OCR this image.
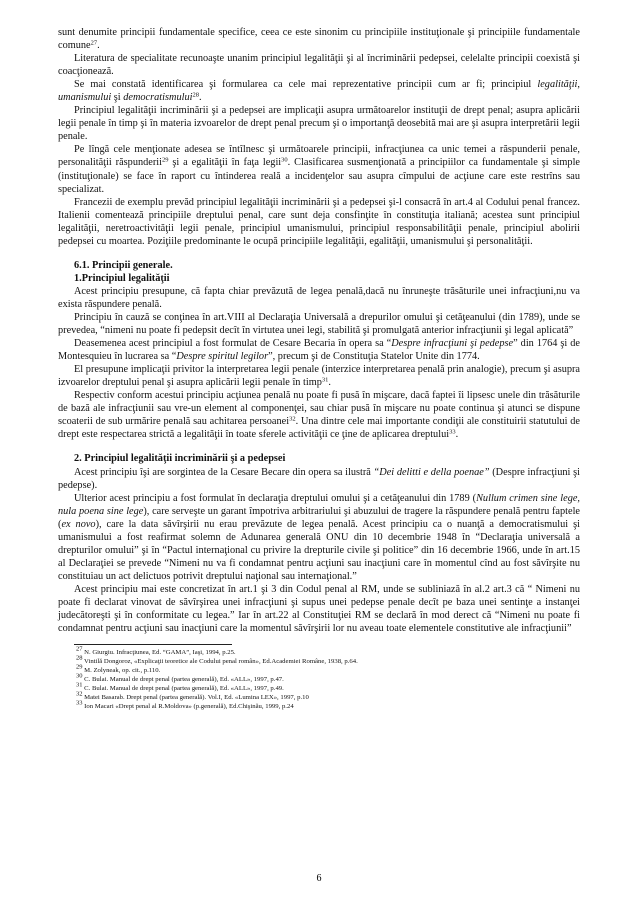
sunt denumite principii fundamentale specifice, ceea ce este sinonim cu principiile instituţionale şi principiile fundamentale comune$^{27}$.

Literatura de specialitate recunoaşte unanim principiul legalităţii şi al încriminării pedepsei, celelalte principii coexistă şi coacţionează.

Se mai constată identificarea şi formularea ca cele mai reprezentative principii cum ar fi; principiul legalităţii, umanismului şi democratismului$^{28}$.

Principiul legalităţii incriminării şi a pedepsei are implicaţii asupra următoarelor instituţii de drept penal; asupra aplicării legii penale în timp şi în materia izvoarelor de drept penal precum şi o importanţă deosebită mai are şi asupra interpretării legii penale.

Pe lîngă cele menţionate adesea se întîlnesc şi următoarele principii, infracţiunea ca unic temei a răspunderii penale, personalităţii răspunderii$^{29}$ şi a egalităţii în faţa legii$^{30}$. Clasificarea susmenţionată a principiilor ca fundamentale şi simple (instituţionale) se face în raport cu întinderea reală a incidenţelor sau asupra cîmpului de acţiune care este restrîns sau specializat.

Francezii de exemplu prevăd principiul legalităţii incriminării şi a pedepsei şi-l consacră în art.4 al Codului penal francez. Italienii comentează principiile dreptului penal, care sunt deja consfinţite în constituţia italiană; acestea sunt principiul legalităţii, neretroactivităţii legii penale, principiul umanismului, principiul responsabilităţii penale, principiul abolirii pedepsei cu moartea. Poziţiile predominante le ocupă principiile legalităţii, egalităţii, umanismului şi personalităţii.

6.1. Principii generale.

1.Principiul legalităţii

Acest principiu presupune, că fapta chiar prevăzută de legea penală,dacă nu înruneşte trăsăturile unei infracţiuni,nu va exista răspundere penală.

Principiu în cauză se conţinea în art.VIII al Declaraţia Universală a drepurilor omului şi cetăţeanului (din 1789), unde se prevedea, “nimeni nu poate fi pedepsit decît în virtutea unei legi, stabilită şi promulgată anterior infracţiunii şi legal aplicată”

Deasemenea acest principiul a fost formulat de Cesare Becaria în opera sa “Despre infracţiuni şi pedepse” din 1764 şi de Montesquieu în lucrarea sa “Despre spiritul legilor”, precum şi de Constituţia Statelor Unite din 1774.

El presupune implicaţii privitor la interpretarea legii penale (interzice interpretarea penală prin analogie), precum şi asupra izvoarelor dreptului penal şi asupra aplicării legii penale în timp$^{31}$.

Respectiv conform acestui principiu acţiunea penală nu poate fi pusă în mişcare, dacă faptei îi lipsesc unele din trăsăturile de bază ale infracţiunii sau vre-un element al componenţei, sau chiar pusă în mişcare nu poate continua şi atunci se dispune scoaterii de sub urmărire penală sau achitarea persoanei$^{32}$. Una dintre cele mai importante condiţii ale constituirii statutului de drept este respectarea strictă a legalităţii în toate sferele activităţii ce ţine de aplicarea dreptului$^{33}$.

2. Principiul legalităţii incriminării şi a pedepsei

Acest principiu îşi are sorgintea de la Cesare Becare din opera sa ilustră “Dei delitti e della poenae” (Despre infracţiuni şi pedepse).

Ulterior acest principiu a fost formulat în declaraţia dreptului omului şi a cetăţeanului din 1789 (Nullum crimen sine lege, nula poena sine lege), care serveşte un garant împotriva arbitrariului şi abuzului de tragere la răspundere penală pentru faptele (ex novo), care la data săvîrşirii nu erau prevăzute de legea penală. Acest principiu ca o nuanţă a democratismului şi umanismului a fost reafirmat solemn de Adunarea generală ONU din 10 decembrie 1948 în “Declaraţia universală a drepturilor omului” şi în “Pactul internaţional cu privire la drepturile civile şi politice” din 16 decembrie 1966, unde în art.15 al Declaraţiei se prevede “Nimeni nu va fi condamnat pentru acţiuni sau inacţiuni care în momentul cînd au fost săvîrşite nu constituiau un act delictuos potrivit dreptului naţional sau internaţional.”

Acest principiu mai este concretizat în art.1 şi 3 din Codul penal al RM, unde se subliniază în al.2 art.3 că “ Nimeni nu poate fi declarat vinovat de săvîrşirea unei infracţiuni şi supus unei pedepse penale decît pe baza unei sentinţe a instanţei judecătoreşti şi în conformitate cu legea.” Iar în art.22 al Constituţiei RM se declară în mod derect că “Nimeni nu poate fi condamnat pentru acţiuni sau inacţiuni care la momentul săvîrşirii lor nu aveau toate elementele constitutive ale infracţiunii”

$^{27}$ N. Giurgiu. Infracţiunea, Ed. “GAMA”, Iaşi, 1994, p.25.

$^{28}$ Vintilă Dongoroz, «Explicaţii teoretice ale Codului penal român», Ed.Academiei Române, 1938, p.64.

$^{29}$ M. Zolyneak, op. cit., p.110.

$^{30}$ C. Bulai. Manual de drept penal (partea generală), Ed. «ALL», 1997, p.47.

$^{31}$ C. Bulai. Manual de drept penal (partea generală), Ed. «ALL», 1997, p.49.

$^{32}$ Matei Basarab. Drept penal (partea generală). Vol.I, Ed. «Lumina LEX», 1997, p.10

$^{33}$ Ion Macari «Drept penal al R.Moldova» (p.generală), Ed.Chişinău, 1999, p.24

6
